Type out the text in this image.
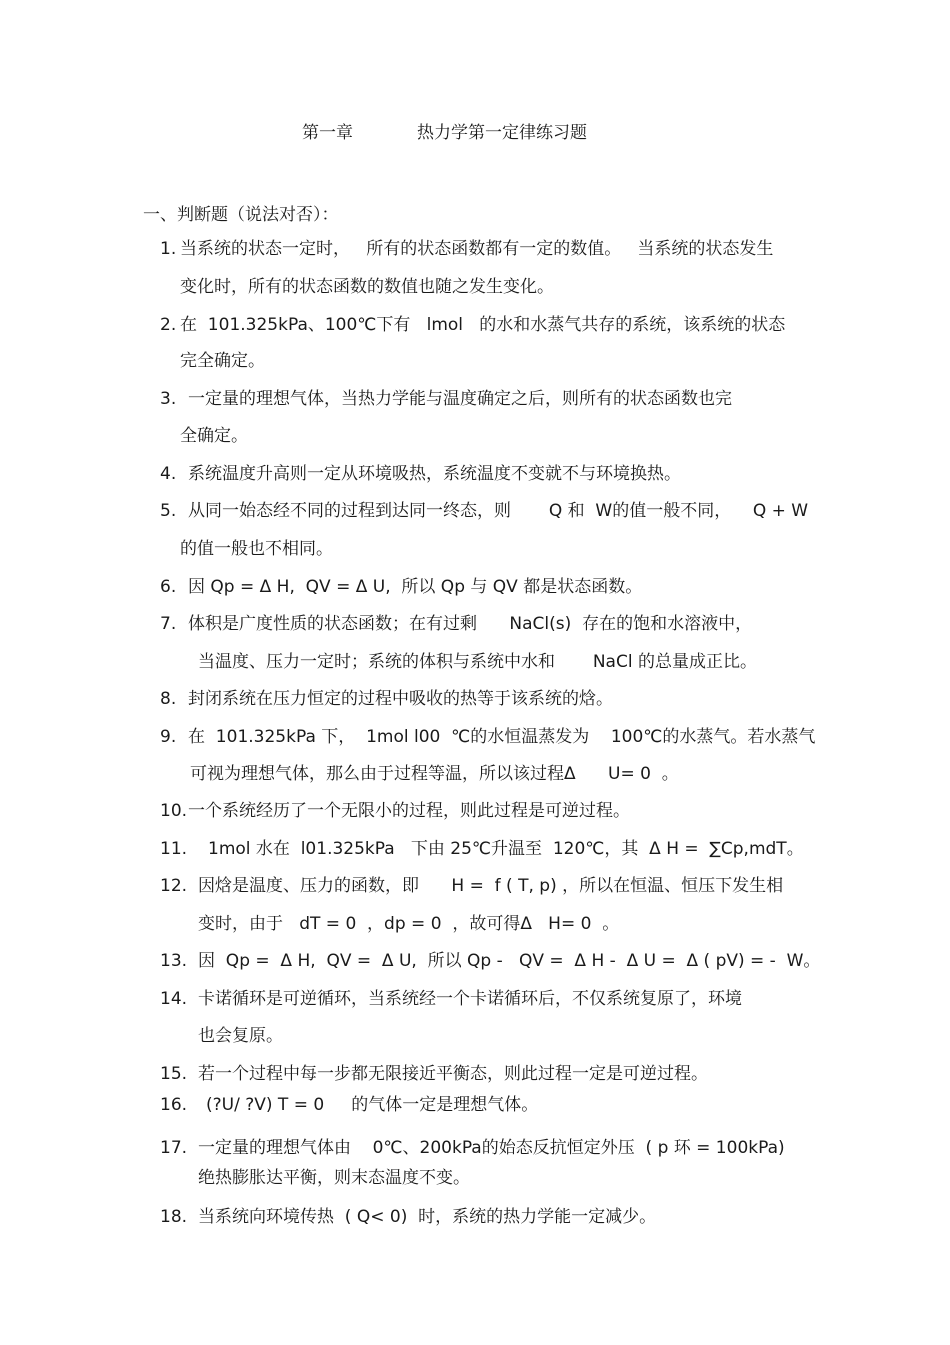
第一章	热力学第一定律练习题
一、判断题（说法对否）：
1. 当系统的状态一定时，   所有的状态函数都有一定的数值。   当系统的状态发生
变化时，所有的状态函数的数值也随之发生变化。
2. 在  101.325kPa、100℃下有   lmol   的水和水蒸气共存的系统，该系统的状态
完全确定。
3. 一定量的理想气体，当热力学能与温度确定之后，则所有的状态函数也完
全确定。
4. 系统温度升高则一定从环境吸热，系统温度不变就不与环境换热。
5. 从同一始态经不同的过程到达同一终态，则       Q 和  W的值一般不同，    Q + W
的值一般也不相同。
6. 因 Qp = Δ H,  QV = Δ U,  所以 Qp 与 QV 都是状态函数。
7. 体积是广度性质的状态函数；在有过剩      NaCl(s)  存在的饱和水溶液中，
当温度、压力一定时；系统的体积与系统中水和       NaCl 的总量成正比。
8. 封闭系统在压力恒定的过程中吸收的热等于该系统的焓。
9. 在  101.325kPa 下，  1mol l00  ℃的水恒温蒸发为    100℃的水蒸气。若水蒸气
可视为理想气体，那么由于过程等温，所以该过程Δ      U= 0  。
10. 一个系统经历了一个无限小的过程，则此过程是可逆过程。
11. 1mol 水在  l01.325kPa   下由 25℃升温至  120℃，其  Δ H =  ∑Cp,mdT。
12. 因焓是温度、压力的函数，即      H =  f ( T, p) ，所以在恒温、恒压下发生相
变时，由于   dT = 0  ，dp = 0  ，故可得Δ   H= 0  。
13. 因  Qp =  Δ H,  QV =  Δ U,  所以 Qp -   QV =  Δ H -  Δ U =  Δ ( pV) = -  W。
14. 卡诺循环是可逆循环，当系统经一个卡诺循环后，不仅系统复原了，环境
也会复原。
15. 若一个过程中每一步都无限接近平衡态，则此过程一定是可逆过程。
16. (?U/ ?V) T = 0     的气体一定是理想气体。
17. 一定量的理想气体由    0℃、200kPa的始态反抗恒定外压  ( p 环 = 100kPa)
绝热膨胀达平衡，则末态温度不变。
18. 当系统向环境传热  ( Q< 0)  时，系统的热力学能一定减少。
